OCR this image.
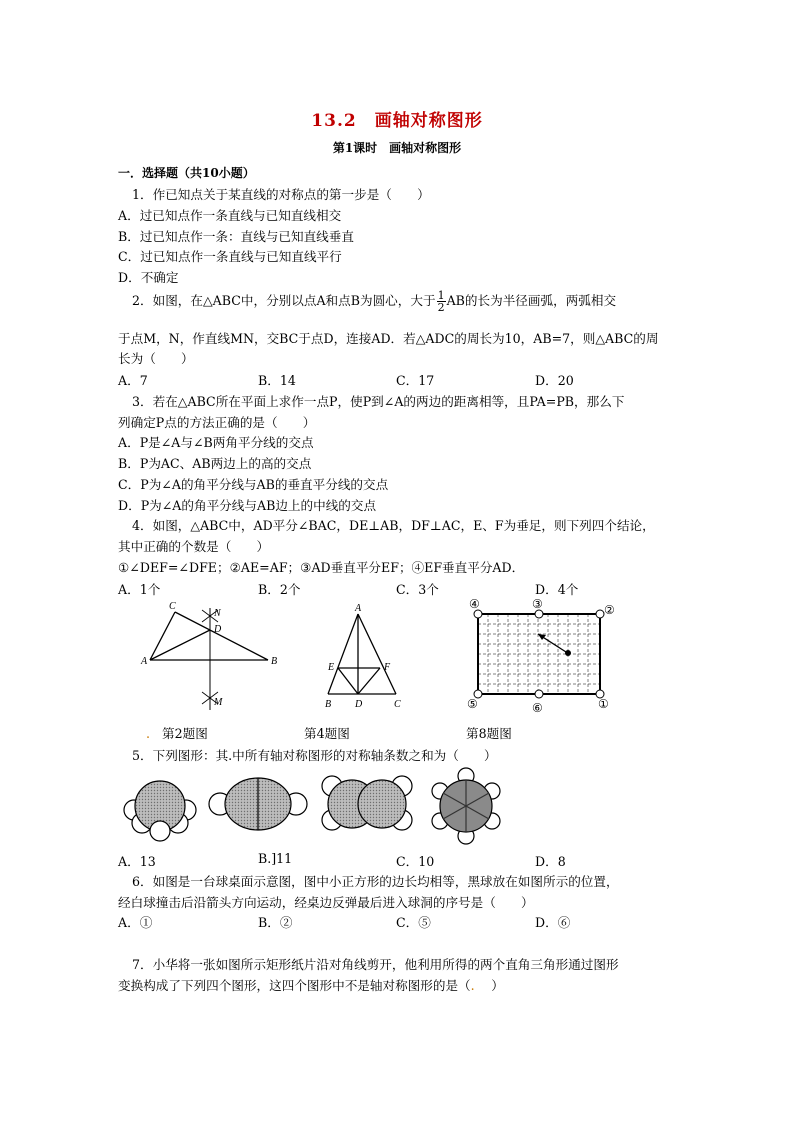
13.2　画轴对称图形
第1课时　画轴对称图形
一．选择题（共10小题）
1．作已知点关于某直线的对称点的第一步是（　　）
A．过已知点作一条直线与已知直线相交
B．过已知点作一条：直线与已知直线垂直
C．过已知点作一条直线与已知直线平行
D．不确定
2．如图，在△ABC中，分别以点A和点B为圆心，大于 $\frac{1}{2}$ AB的长为半径画弧，两弧相交
于点M，N，作直线MN，交BC于点D，连接AD．若△ADC的周长为10，AB=7，则△ABC的周
长为（　　）
A．7	B．14	C．17	D．20
3．若在△ABC所在平面上求作一点P，使P到∠A的两边的距离相等，且PA=PB，那么下
列确定P点的方法正确的是（　　）
A．P是∠A与∠B两角平分线的交点
B．P为AC、AB两边上的高的交点
C．P为∠A的角平分线与AB的垂直平分线的交点
D．P为∠A的角平分线与AB边上的中线的交点
4．如图，△ABC中，AD平分∠BAC，DE⊥AB，DF⊥AC，E、F为垂足，则下列四个结论，
其中正确的个数是（　　）
①∠DEF=∠DFE；②AE=AF；③AD垂直平分EF；④EF垂直平分AD．
A．1个	B．2个	C．3个	D．4个
C
N
D
A	B
M
A
E	F
B D	C
④	③	②
⑤	⑥	①
. 第2题图	第4题图	第8题图
5．下列图形：其.中所有轴对称图形的对称轴条数之和为（　　）
A．13	B.]11	C．10	D．8
6．如图是一台球桌面示意图，图中小正方形的边长均相等，黑球放在如图所示的位置，
经白球撞击后沿箭头方向运动，经桌边反弹最后进入球洞的序号是（　　）
A．①	B．②	C．⑤	D．⑥
7．小华将一张如图所示矩形纸片沿对角线剪开，他利用所得的两个直角三角形通过图形
变换构成了下列四个图形，这四个图形中不是轴对称图形的是（.　 ）
